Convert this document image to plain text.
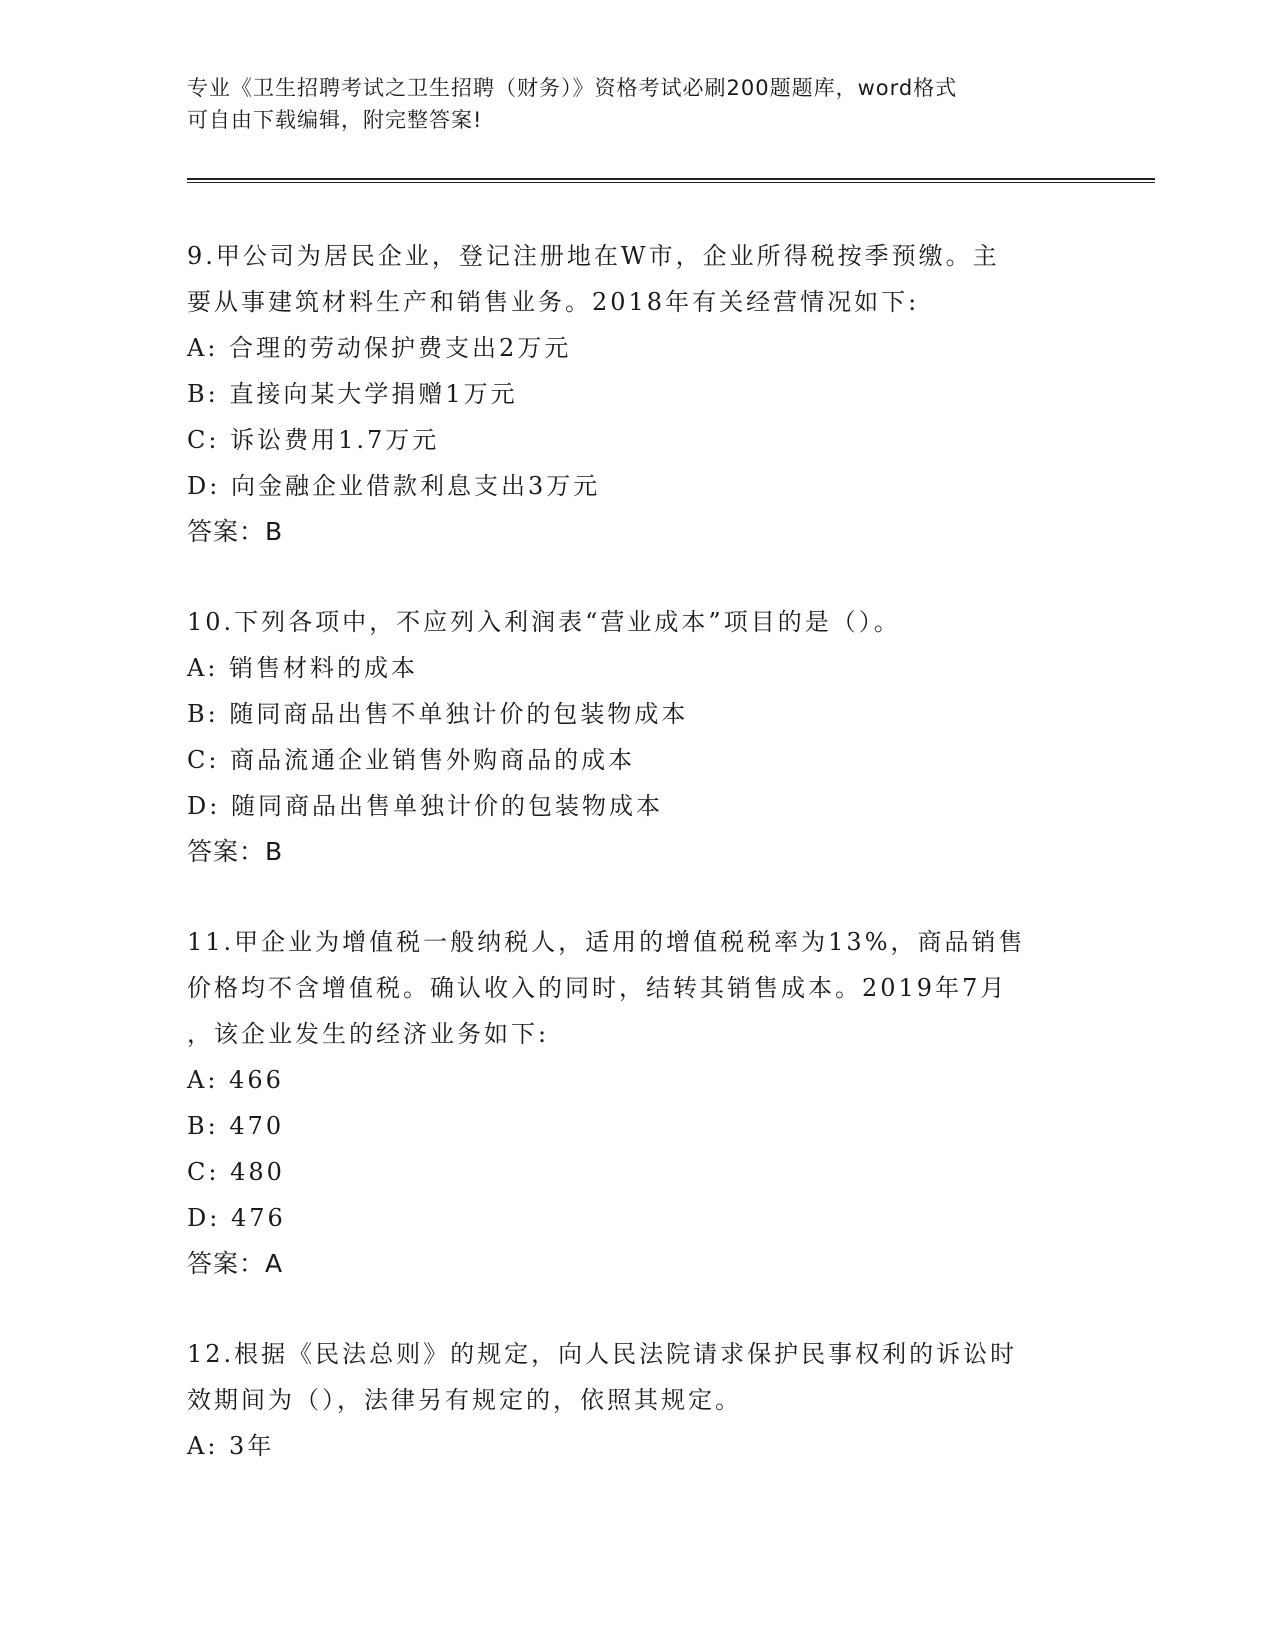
专业《卫生招聘考试之卫生招聘（财务）》资格考试必刷200题题库，word格式
可自由下载编辑，附完整答案!
9.甲公司为居民企业，登记注册地在W市，企业所得税按季预缴。主
要从事建筑材料生产和销售业务。2018年有关经营情况如下:
A: 合理的劳动保护费支出2万元
B: 直接向某大学捐赠1万元
C: 诉讼费用1.7万元
D: 向金融企业借款利息支出3万元
答案：B
10.下列各项中，不应列入利润表“营业成本”项目的是（）。
A: 销售材料的成本
B: 随同商品出售不单独计价的包装物成本
C: 商品流通企业销售外购商品的成本
D: 随同商品出售单独计价的包装物成本
答案：B
11.甲企业为增值税一般纳税人，适用的增值税税率为13%，商品销售
价格均不含增值税。确认收入的同时，结转其销售成本。2019年7月
，该企业发生的经济业务如下:
A: 466
B: 470
C: 480
D: 476
答案：A
12.根据《民法总则》的规定，向人民法院请求保护民事权利的诉讼时
效期间为（），法律另有规定的，依照其规定。
A: 3年
